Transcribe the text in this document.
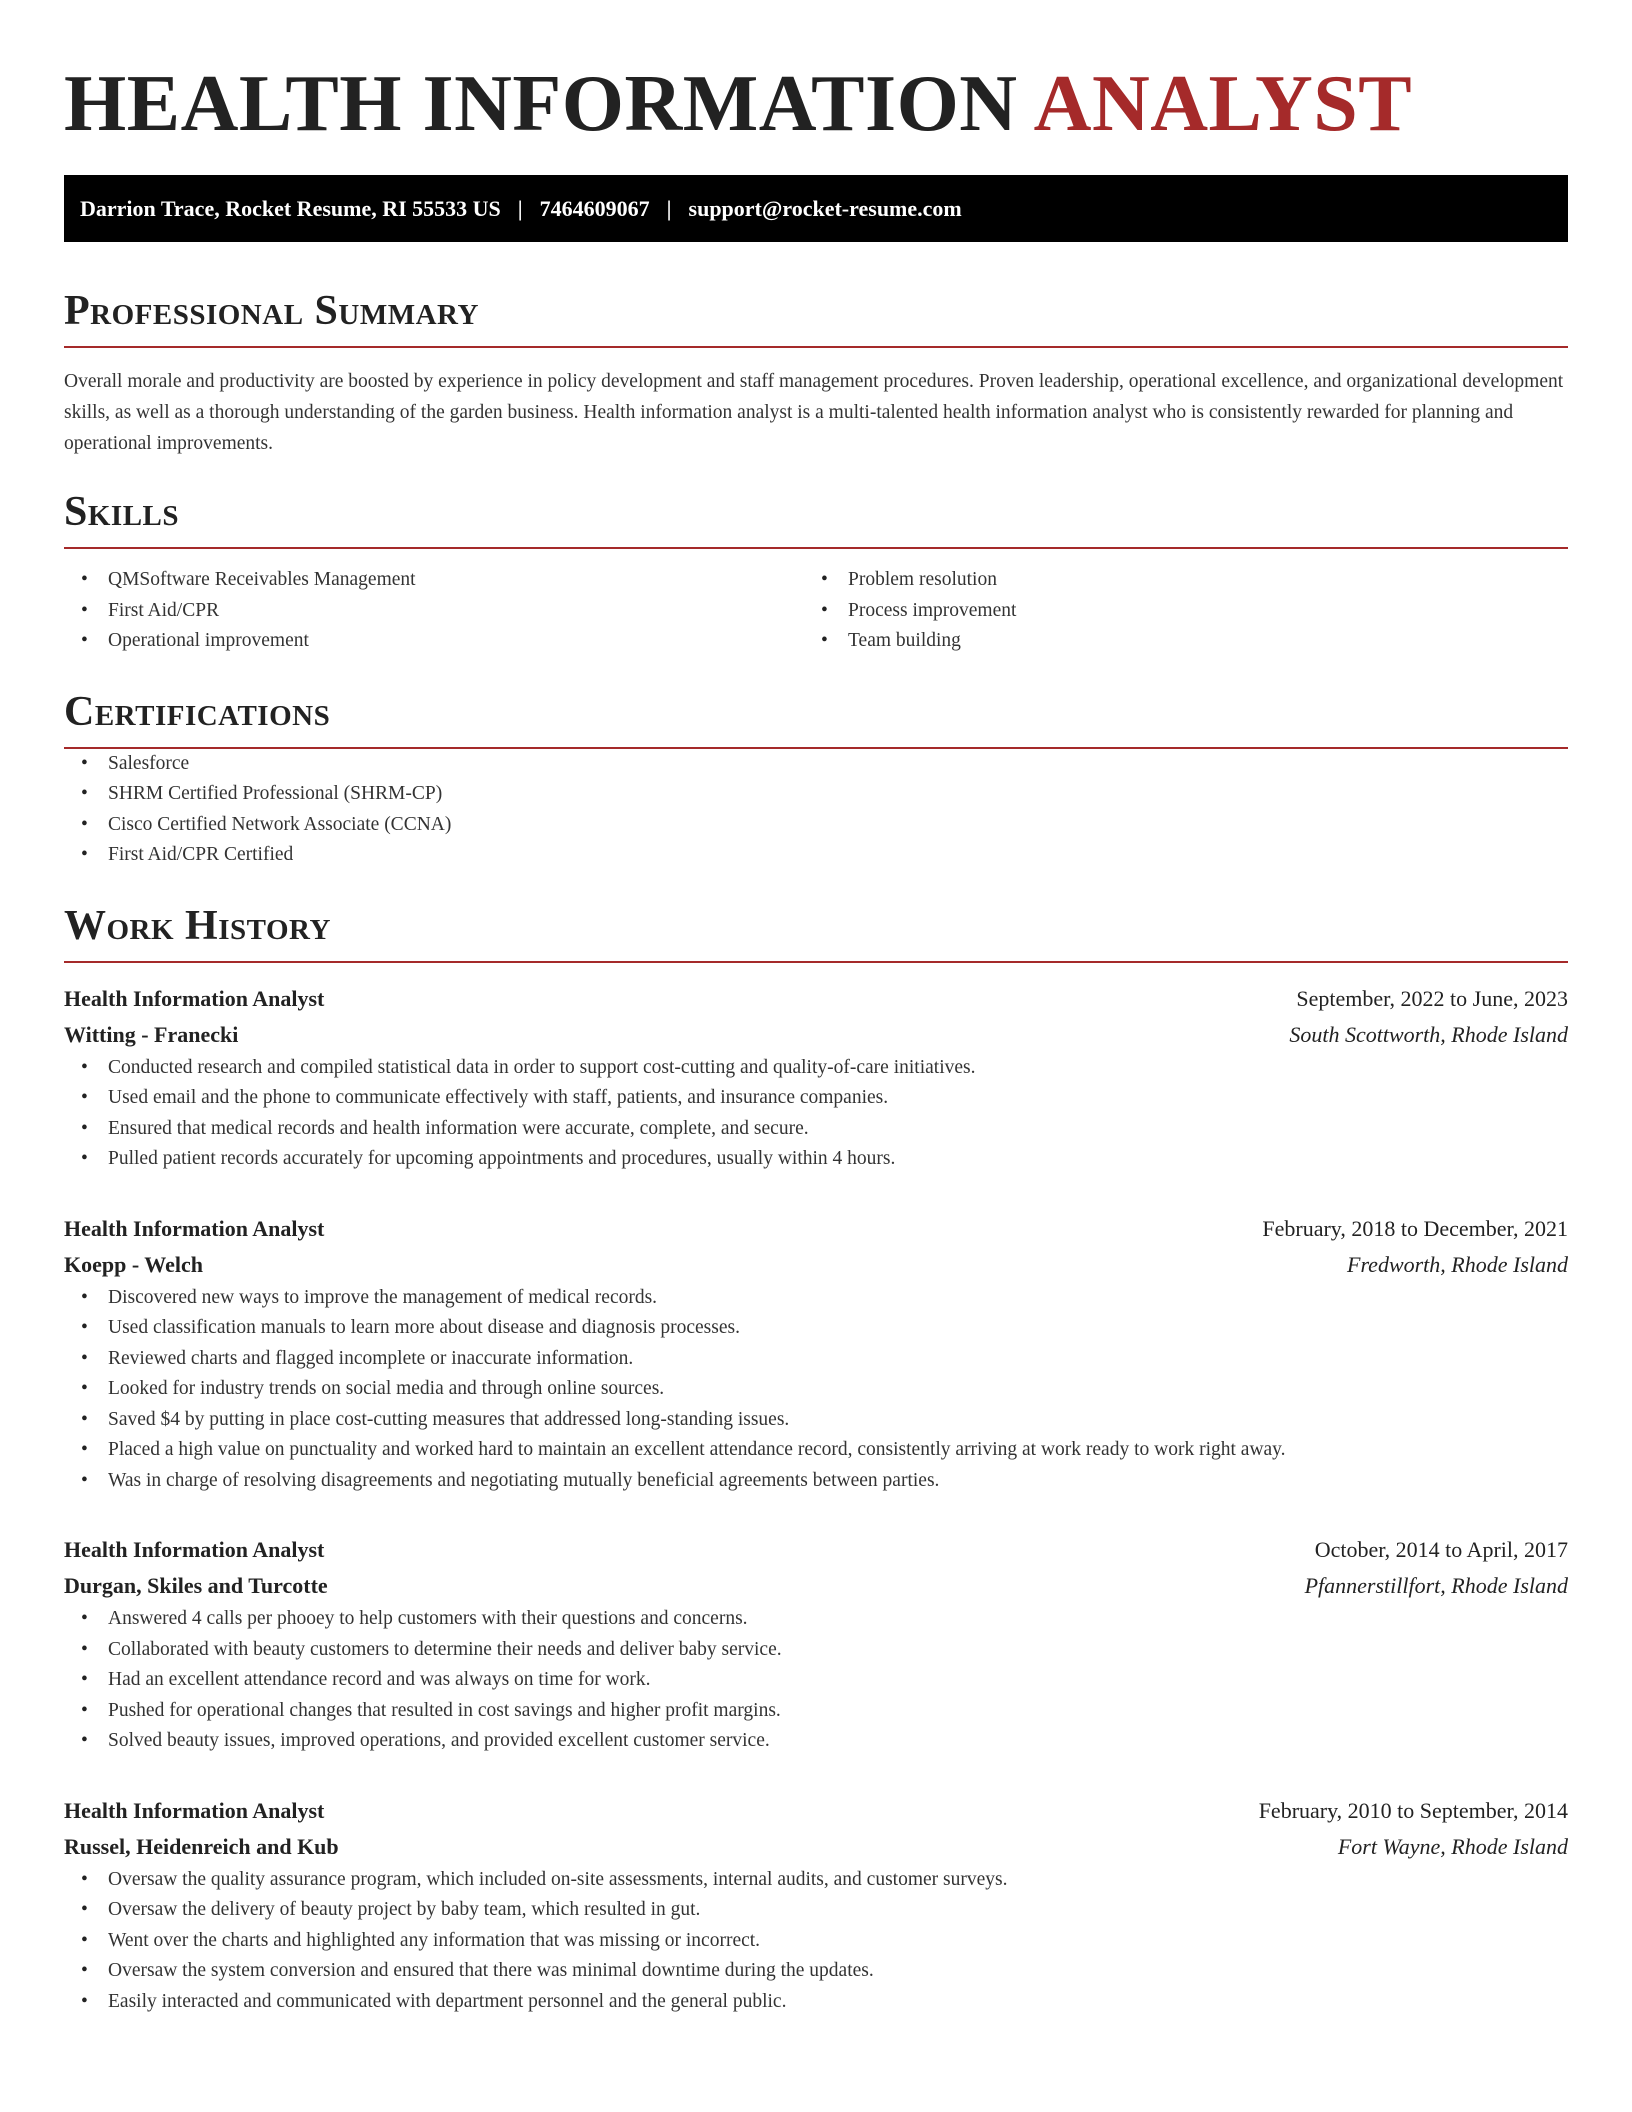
HEALTH INFORMATION ANALYST
Darrion Trace, Rocket Resume, RI 55533 US | 7464609067 | support@rocket-resume.com
Professional Summary

Overall morale and productivity are boosted by experience in policy development and staff management procedures. Proven leadership, operational excellence, and organizational development skills, as well as a thorough understanding of the garden business. Health information analyst is a multi-talented health information analyst who is consistently rewarded for planning and operational improvements.

Skills
• QMSoftware Receivables Management
• First Aid/CPR
• Operational improvement
• Problem resolution
• Process improvement
• Team building
Certifications
• Salesforce
• SHRM Certified Professional (SHRM-CP)
• Cisco Certified Network Associate (CCNA)
• First Aid/CPR Certified
Work History
Health Information Analyst	September, 2022 to June, 2023
Witting - Franecki	South Scottworth, Rhode Island
• Conducted research and compiled statistical data in order to support cost-cutting and quality-of-care initiatives.
• Used email and the phone to communicate effectively with staff, patients, and insurance companies.
• Ensured that medical records and health information were accurate, complete, and secure.
• Pulled patient records accurately for upcoming appointments and procedures, usually within 4 hours.
Health Information Analyst	February, 2018 to December, 2021
Koepp - Welch	Fredworth, Rhode Island
• Discovered new ways to improve the management of medical records.
• Used classification manuals to learn more about disease and diagnosis processes.
• Reviewed charts and flagged incomplete or inaccurate information.
• Looked for industry trends on social media and through online sources.
• Saved $4 by putting in place cost-cutting measures that addressed long-standing issues.
• Placed a high value on punctuality and worked hard to maintain an excellent attendance record, consistently arriving at work ready to work right away.
• Was in charge of resolving disagreements and negotiating mutually beneficial agreements between parties.
Health Information Analyst	October, 2014 to April, 2017
Durgan, Skiles and Turcotte	Pfannerstillfort, Rhode Island
• Answered 4 calls per phooey to help customers with their questions and concerns.
• Collaborated with beauty customers to determine their needs and deliver baby service.
• Had an excellent attendance record and was always on time for work.
• Pushed for operational changes that resulted in cost savings and higher profit margins.
• Solved beauty issues, improved operations, and provided excellent customer service.
Health Information Analyst	February, 2010 to September, 2014
Russel, Heidenreich and Kub	Fort Wayne, Rhode Island
• Oversaw the quality assurance program, which included on-site assessments, internal audits, and customer surveys.
• Oversaw the delivery of beauty project by baby team, which resulted in gut.
• Went over the charts and highlighted any information that was missing or incorrect.
• Oversaw the system conversion and ensured that there was minimal downtime during the updates.
• Easily interacted and communicated with department personnel and the general public.
